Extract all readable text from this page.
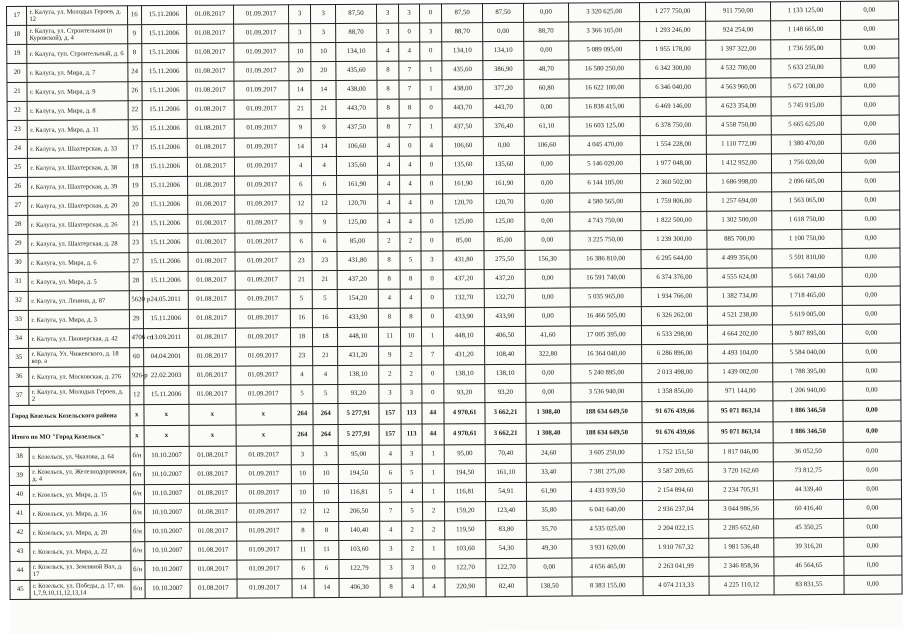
17	г. Калуга, ул. Молодых Героев, д. 12	16	15.11.2006	01.08.2017	01.09.2017	3	3	87,50	3	3	0	87,50	87,50	0,00	3 320 625,00	1 277 750,00	911 750,00	1 133 125,00	0,00
18	г. Калуга, ул. Строительная (п Куровской), д. 4	9	15.11.2006	01.08.2017	01.09.2017	3	3	88,70	3	0	3	88,70	0,00	88,70	3 366 165,00	1 293 246,00	924 254,00	1 148 665,00	0,00
19	г. Калуга, туп. Строительный, д. 6	8	15.11.2006	01.08.2017	01.09.2017	10	10	134,10	4	4	0	134,10	134,10	0,00	5 089 095,00	1 955 178,00	1 397 322,00	1 736 595,00	0,00
20	г. Калуга, ул. Мира, д. 7	24	15.11.2006	01.08.2017	01.09.2017	20	20	435,60	8	7	1	435,60	386,90	48,70	16 580 250,00	6 342 300,00	4 532 700,00	5 633 250,00	0,00
21	г. Калуга, ул. Мира, д. 9	26	15.11.2006	01.08.2017	01.09.2017	14	14	438,00	8	7	1	438,00	377,20	60,80	16 622 100,00	6 346 040,00	4 563 960,00	5 672 100,00	0,00
22	г. Калуга, ул. Мира, д. 8	22	15.11.2006	01.08.2017	01.09.2017	21	21	443,70	8	8	0	443,70	443,70	0,00	16 838 415,00	6 469 146,00	4 623 354,00	5 745 915,00	0,00
23	г. Калуга, ул. Мира, д. 11	35	15.11.2006	01.08.2017	01.09.2017	9	9	437,50	8	7	1	437,50	376,40	61,10	16 603 125,00	6 378 750,00	4 558 750,00	5 665 625,00	0,00
24	г. Калуга, ул. Шахтерская, д. 33	17	15.11.2006	01.08.2017	01.09.2017	14	14	106,60	4	0	4	106,60	0,00	106,60	4 045 470,00	1 554 228,00	1 110 772,00	1 380 470,00	0,00
25	г. Калуга, ул. Шахтерская, д. 38	18	15.11.2006	01.08.2017	01.09.2017	4	4	135,60	4	4	0	135,60	135,60	0,00	5 146 020,00	1 977 048,00	1 412 952,00	1 756 020,00	0,00
26	г. Калуга, ул. Шахтерская, д. 39	19	15.11.2006	01.08.2017	01.09.2017	6	6	161,90	4	4	0	161,90	161,90	0,00	6 144 105,00	2 360 502,00	1 686 998,00	2 096 605,00	0,00
27	г. Калуга, ул. Шахтерская, д. 20	20	15.11.2006	01.08.2017	01.09.2017	12	12	120,70	4	4	0	120,70	120,70	0,00	4 580 565,00	1 759 806,00	1 257 694,00	1 563 065,00	0,00
28	г. Калуга, ул. Шахтерская, д. 26	21	15.11.2006	01.08.2017	01.09.2017	9	9	125,00	4	4	0	125,00	125,00	0,00	4 743 750,00	1 822 500,00	1 302 500,00	1 618 750,00	0,00
29	г. Калуга, ул. Шахтерская, д. 28	23	15.11.2006	01.08.2017	01.09.2017	6	6	85,00	2	2	0	85,00	85,00	0,00	3 225 750,00	1 239 300,00	885 700,00	1 100 750,00	0,00
30	г. Калуга, ул. Мира, д. 6	27	15.11.2006	01.08.2017	01.09.2017	23	23	431,80	8	5	3	431,80	275,50	156,30	16 386 810,00	6 295 644,00	4 499 356,00	5 591 810,00	0,00
31	г. Калуга, ул. Мира, д. 5	28	15.11.2006	01.08.2017	01.09.2017	21	21	437,20	8	8	0	437,20	437,20	0,00	16 591 740,00	6 374 376,00	4 555 624,00	5 661 740,00	0,00
32	г. Калуга, ул. Ленина, д. 87	5620 р	24.05.2011	01.08.2017	01.09.2017	5	5	154,20	4	4	0	132,70	132,70	0,00	5 035 965,00	1 934 766,00	1 382 734,00	1 718 465,00	0,00
33	г. Калуга, ул. Мира, д. 3	29	15.11.2006	01.08.2017	01.09.2017	16	16	433,90	8	8	0	433,90	433,90	0,00	16 466 505,00	6 326 262,00	4 521 238,00	5 619 005,00	0,00
34	г. Калуга, ул. Пионерская, д. 42	4706 сп	13.09.2011	01.08.2017	01.09.2017	18	18	448,10	11	10	1	448,10	406,50	41,60	17 005 395,00	6 533 298,00	4 664 202,00	5 807 895,00	0,00
35	г. Калуга, Ул. Чижевского, д. 18 кор. а	60	04.04.2001	01.08.2017	01.09.2017	23	21	431,20	9	2	7	431,20	108,40	322,80	16 364 040,00	6 286 896,00	4 493 104,00	5 584 040,00	0,00
36	г. Калуга, ул. Московская, д. 276	926-р	22.02.2003	01.08.2017	01.09.2017	4	4	138,10	2	2	0	138,10	138,10	0,00	5 240 895,00	2 013 498,00	1 439 002,00	1 788 395,00	0,00
37	г. Калуга, ул. Молодых Героев, д. 2	12	15.11.2006	01.08.2017	01.09.2017	5	5	93,20	3	3	0	93,20	93,20	0,00	3 536 940,00	1 358 856,00	971 144,00	1 206 940,00	0,00
Город Козельск Козельского района		x	x	x	x	264	264	5 277,91	157	113	44	4 970,61	3 662,21	1 308,40	188 634 649,50	91 676 439,66	95 071 863,34	1 886 346,50	0,00
Итого по МО "Город Козельск"		x	x	x	x	264	264	5 277,91	157	113	44	4 970,61	3 662,21	1 308,40	188 634 649,50	91 676 439,66	95 071 863,34	1 886 346,50	0,00
38	г. Козельск, ул. Чкалова, д. 64	б/н	10.10.2007	01.08.2017	01.09.2017	3	3	95,00	4	3	1	95,00	70,40	24,60	3 605 250,00	1 752 151,50	1 817 046,00	36 052,50	0,00
39	г. Козельск, ул. Железнодорожная, д. 4	б/н	10.10.2007	01.08.2017	01.09.2017	10	10	194,50	6	5	1	194,50	161,10	33,40	7 381 275,00	3 587 209,65	3 720 162,60	73 812,75	0,00
40	г. Козельск, ул. Мира, д. 15	б/н	10.10.2007	01.08.2017	01.09.2017	10	10	116,81	5	4	1	116,81	54,91	61,90	4 433 939,50	2 154 894,60	2 234 705,91	44 339,40	0,00
41	г. Козельск, ул. Мира, д. 16	б/н	10.10.2007	01.08.2017	01.09.2017	12	12	206,50	7	5	2	159,20	123,40	35,80	6 041 640,00	2 936 237,04	3 044 986,56	60 416,40	0,00
42	г. Козельск, ул. Мира, д. 20	б/н	10.10.2007	01.08.2017	01.09.2017	8	8	140,40	4	2	2	119,50	83,80	35,70	4 535 025,00	2 204 022,15	2 285 652,60	45 350,25	0,00
43	г. Козельск, ул. Мира, д. 22	б/н	10.10.2007	01.08.2017	01.09.2017	11	11	103,60	3	2	1	103,60	54,30	49,30	3 931 620,00	1 910 767,32	1 981 536,48	39 316,20	0,00
44	г. Козельск, ул. Земляной Вал, д. 17	б/н	10.10.2007	01.08.2017	01.09.2017	6	6	122,79	3	3	0	122,70	122,70	0,00	4 656 465,00	2 263 041,99	2 346 858,36	46 564,65	0,00
45	г. Козельск, ул. Победы, д. 17, кв. 1,7,9,10,11,12,13,14	б/н	10.10.2007	01.08.2017	01.09.2017	14	14	406,30	8	4	4	220,90	82,40	138,50	8 383 155,00	4 074 213,33	4 225 110,12	83 831,55	0,00
